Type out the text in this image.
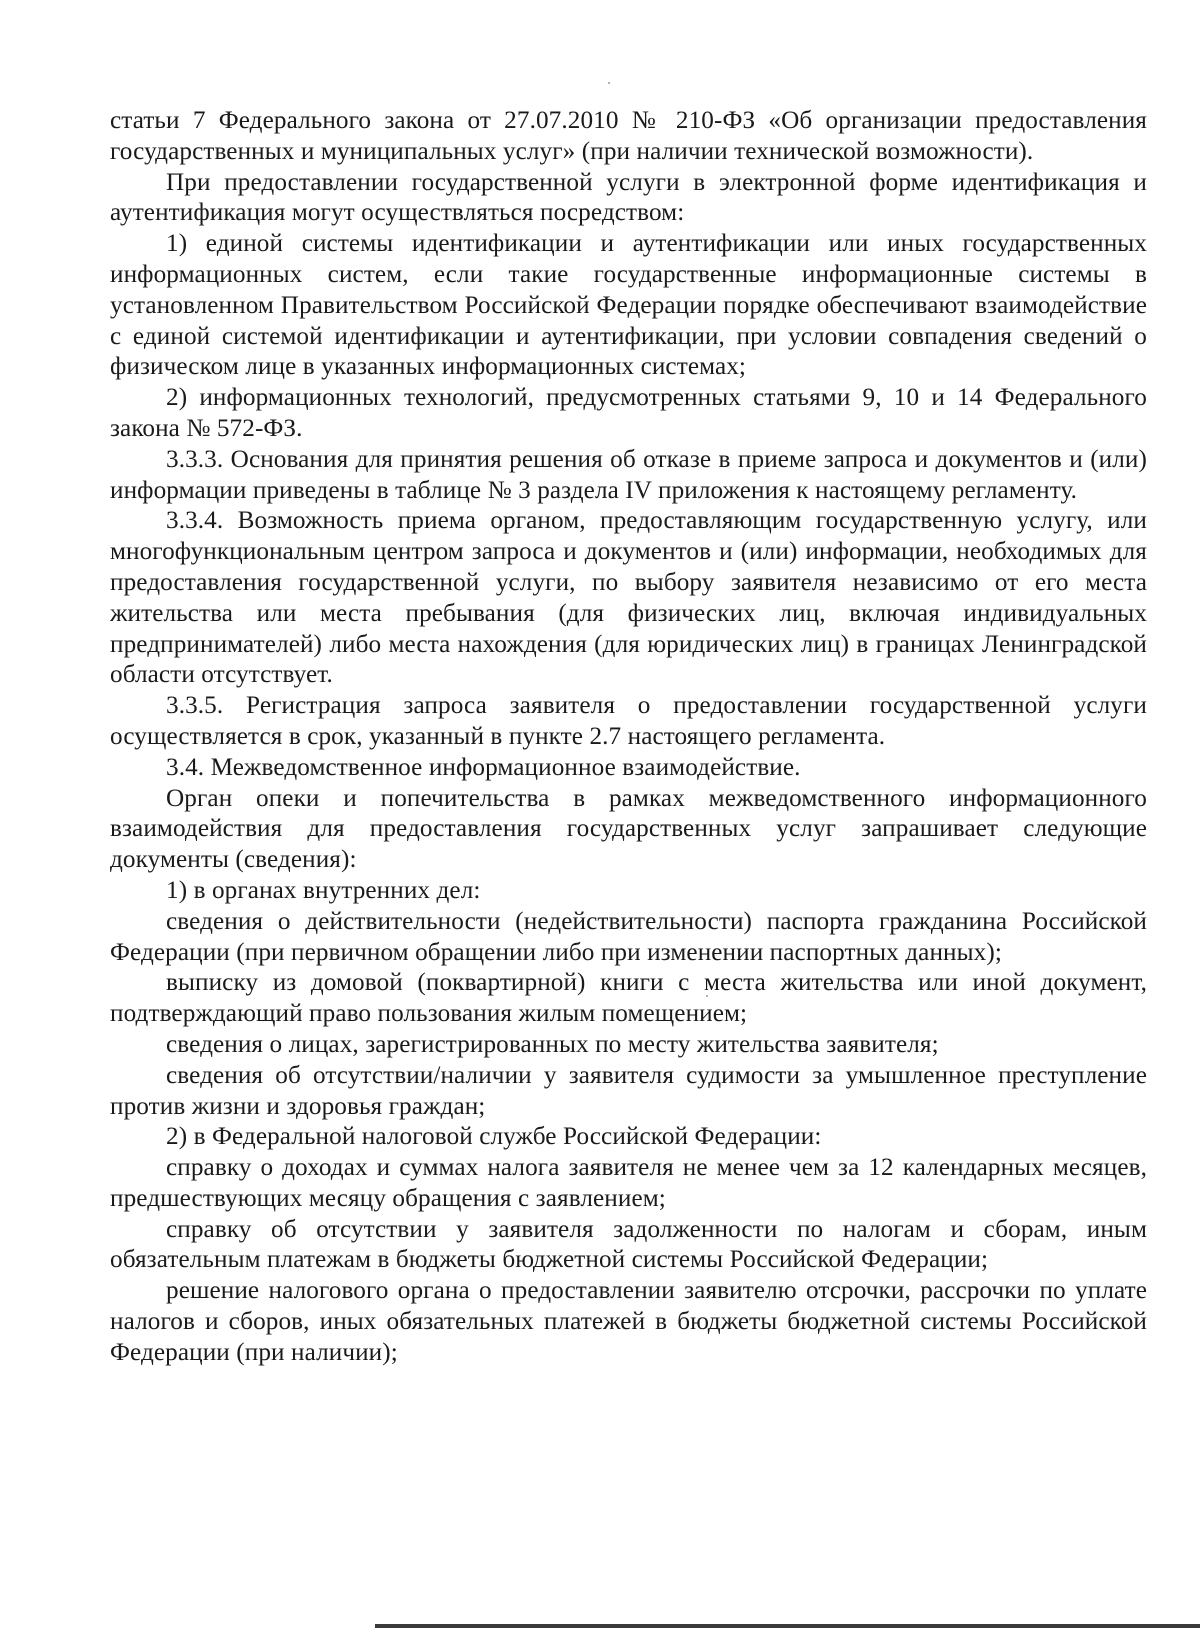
статьи 7 Федерального закона от 27.07.2010 № 210-ФЗ «Об организации предоставления государственных и муниципальных услуг» (при наличии технической возможности).

При предоставлении государственной услуги в электронной форме идентификация и аутентификация могут осуществляться посредством:

1) единой системы идентификации и аутентификации или иных государственных информационных систем, если такие государственные информационные системы в установленном Правительством Российской Федерации порядке обеспечивают взаимодействие с единой системой идентификации и аутентификации, при условии совпадения сведений о физическом лице в указанных информационных системах;

2) информационных технологий, предусмотренных статьями 9, 10 и 14 Федерального закона № 572-ФЗ.

3.3.3. Основания для принятия решения об отказе в приеме запроса и документов и (или) информации приведены в таблице № 3 раздела IV приложения к настоящему регламенту.

3.3.4. Возможность приема органом, предоставляющим государственную услугу, или многофункциональным центром запроса и документов и (или) информации, необходимых для предоставления государственной услуги, по выбору заявителя независимо от его места жительства или места пребывания (для физических лиц, включая индивидуальных предпринимателей) либо места нахождения (для юридических лиц) в границах Ленинградской области отсутствует.

3.3.5. Регистрация запроса заявителя о предоставлении государственной услуги осуществляется в срок, указанный в пункте 2.7 настоящего регламента.

3.4. Межведомственное информационное взаимодействие.

Орган опеки и попечительства в рамках межведомственного информационного взаимодействия для предоставления государственных услуг запрашивает следующие документы (сведения):

1) в органах внутренних дел:

сведения о действительности (недействительности) паспорта гражданина Российской Федерации (при первичном обращении либо при изменении паспортных данных);

выписку из домовой (поквартирной) книги с места жительства или иной документ, подтверждающий право пользования жилым помещением;

сведения о лицах, зарегистрированных по месту жительства заявителя;

сведения об отсутствии/наличии у заявителя судимости за умышленное преступление против жизни и здоровья граждан;

2) в Федеральной налоговой службе Российской Федерации:

справку о доходах и суммах налога заявителя не менее чем за 12 календарных месяцев, предшествующих месяцу обращения с заявлением;

справку об отсутствии у заявителя задолженности по налогам и сборам, иным обязательным платежам в бюджеты бюджетной системы Российской Федерации;

решение налогового органа о предоставлении заявителю отсрочки, рассрочки по уплате налогов и сборов, иных обязательных платежей в бюджеты бюджетной системы Российской Федерации (при наличии);
